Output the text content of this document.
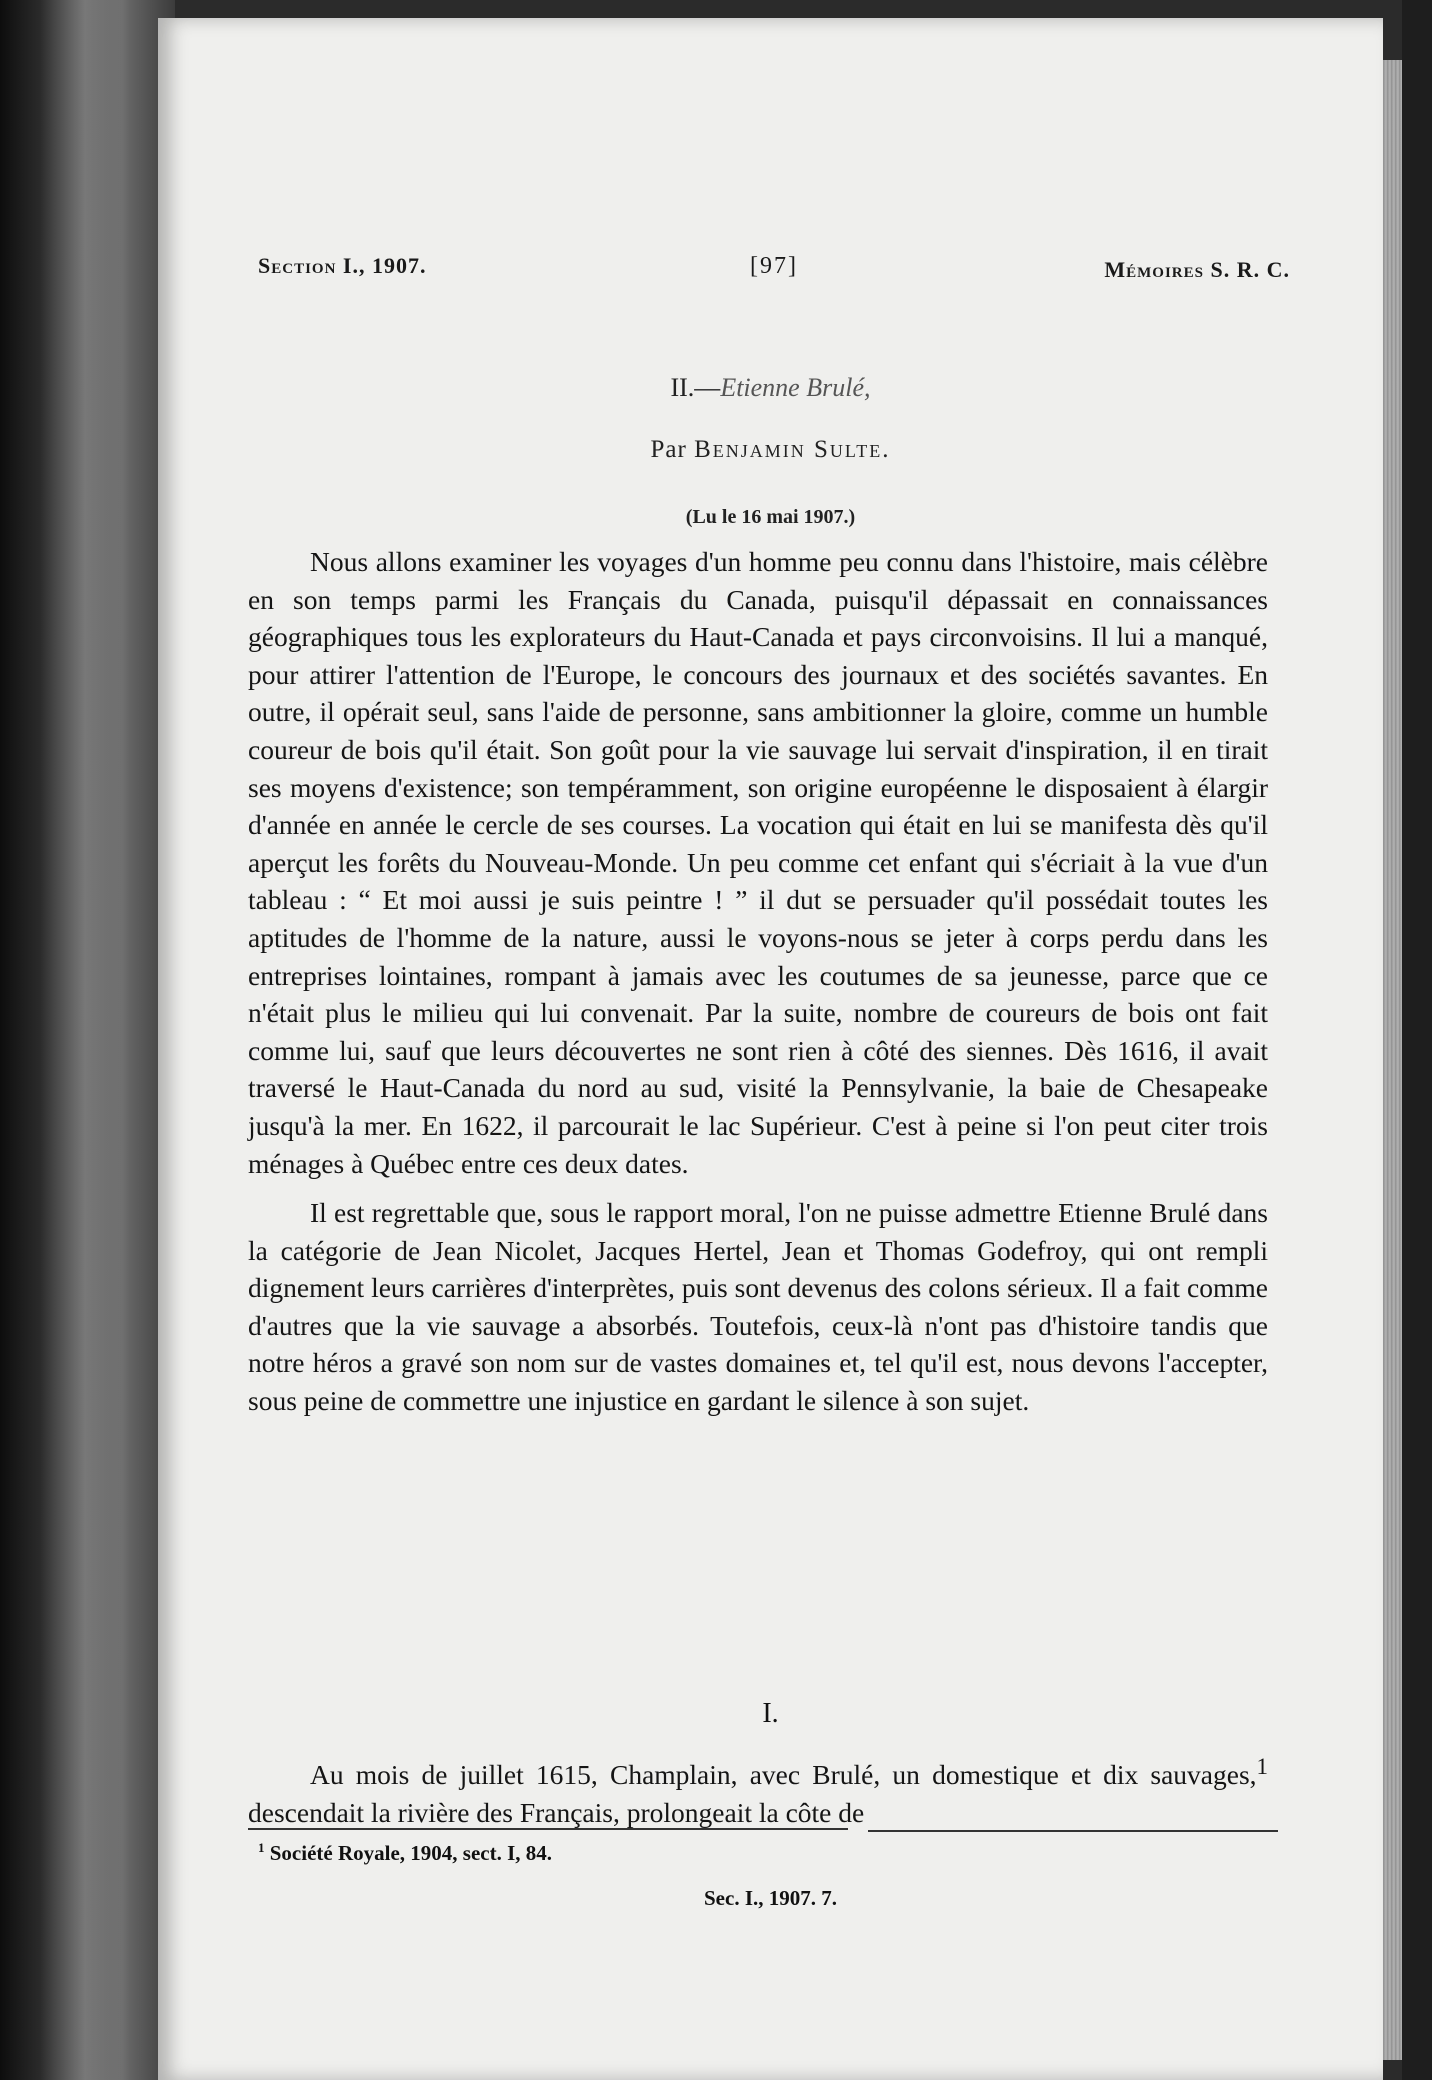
Section I., 1907.	[97]	Mémoires S. R. C.
II.—Etienne Brulé,
Par Benjamin Sulte.
(Lu le 16 mai 1907.)

Nous allons examiner les voyages d'un homme peu connu dans l'histoire, mais célèbre en son temps parmi les Français du Canada, puisqu'il dépassait en connaissances géographiques tous les explorateurs du Haut-Canada et pays circonvoisins. Il lui a manqué, pour attirer l'attention de l'Europe, le concours des journaux et des sociétés savantes. En outre, il opérait seul, sans l'aide de personne, sans ambitionner la gloire, comme un humble coureur de bois qu'il était. Son goût pour la vie sauvage lui servait d'inspiration, il en tirait ses moyens d'existence; son tempéramment, son origine européenne le disposaient à élargir d'année en année le cercle de ses courses. La vocation qui était en lui se manifesta dès qu'il aperçut les forêts du Nouveau-Monde. Un peu comme cet enfant qui s'écriait à la vue d'un tableau : “ Et moi aussi je suis peintre ! ” il dut se persuader qu'il possédait toutes les aptitudes de l'homme de la nature, aussi le voyons-nous se jeter à corps perdu dans les entreprises lointaines, rompant à jamais avec les coutumes de sa jeunesse, parce que ce n'était plus le milieu qui lui convenait. Par la suite, nombre de coureurs de bois ont fait comme lui, sauf que leurs découvertes ne sont rien à côté des siennes. Dès 1616, il avait traversé le Haut-Canada du nord au sud, visité la Pennsylvanie, la baie de Chesapeake jusqu'à la mer. En 1622, il parcourait le lac Supérieur. C'est à peine si l'on peut citer trois ménages à Québec entre ces deux dates.

Il est regrettable que, sous le rapport moral, l'on ne puisse admettre Etienne Brulé dans la catégorie de Jean Nicolet, Jacques Hertel, Jean et Thomas Godefroy, qui ont rempli dignement leurs carrières d'interprètes, puis sont devenus des colons sérieux. Il a fait comme d'autres que la vie sauvage a absorbés. Toutefois, ceux-là n'ont pas d'histoire tandis que notre héros a gravé son nom sur de vastes domaines et, tel qu'il est, nous devons l'accepter, sous peine de commettre une injustice en gardant le silence à son sujet.

I.

Au mois de juillet 1615, Champlain, avec Brulé, un domestique et dix sauvages,$^1$ descendait la rivière des Français, prolongeait la côte de

$^1$ Société Royale, 1904, sect. I, 84.
Sec. I., 1907. 7.
